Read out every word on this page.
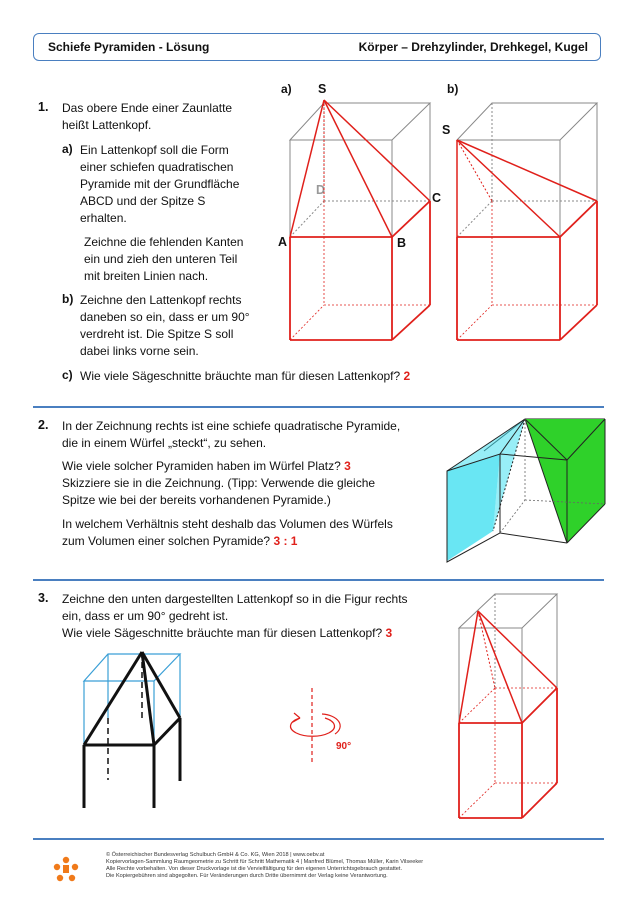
Schiefe Pyramiden - Lösung	Körper – Drehzylinder, Drehkegel, Kugel
1. Das obere Ende einer Zaunlatte
heißt Lattenkopf.
a) Ein Lattenkopf soll die Form
einer schiefen quadratischen
Pyramide mit der Grundfläche
ABCD und der Spitze S
erhalten.
Zeichne die fehlenden Kanten
ein und zieh den unteren Teil
mit breiten Linien nach.
b) Zeichne den Lattenkopf rechts
daneben so ein, dass er um 90°
verdreht ist. Die Spitze S soll
dabei links vorne sein.
c) Wie viele Sägeschnitte bräuchte man für diesen Lattenkopf? 2
a)	b)
S
D
C
A	B
S
2. In der Zeichnung rechts ist eine schiefe quadratische Pyramide,
die in einem Würfel „steckt“, zu sehen.
Wie viele solcher Pyramiden haben im Würfel Platz? 3
Skizziere sie in die Zeichnung. (Tipp: Verwende die gleiche
Spitze wie bei der bereits vorhandenen Pyramide.)
In welchem Verhältnis steht deshalb das Volumen des Würfels
zum Volumen einer solchen Pyramide? 3 : 1
3. Zeichne den unten dargestellten Lattenkopf so in die Figur rechts
ein, dass er um 90° gedreht ist.
Wie viele Sägeschnitte bräuchte man für diesen Lattenkopf? 3
90°
© Österreichischer Bundesverlag Schulbuch GmbH & Co. KG, Wien 2018 | www.oebv.at
Kopiervorlagen-Sammlung Raumgeometrie zu Schritt für Schritt Mathematik 4 | Manfred Blümel, Thomas Müller, Karin Vilseeker
Alle Rechte vorbehalten. Von dieser Druckvorlage ist die Vervielfältigung für den eigenen Unterrichtsgebrauch gestattet.
Die Kopiergebühren sind abgegolten. Für Veränderungen durch Dritte übernimmt der Verlag keine Verantwortung.
